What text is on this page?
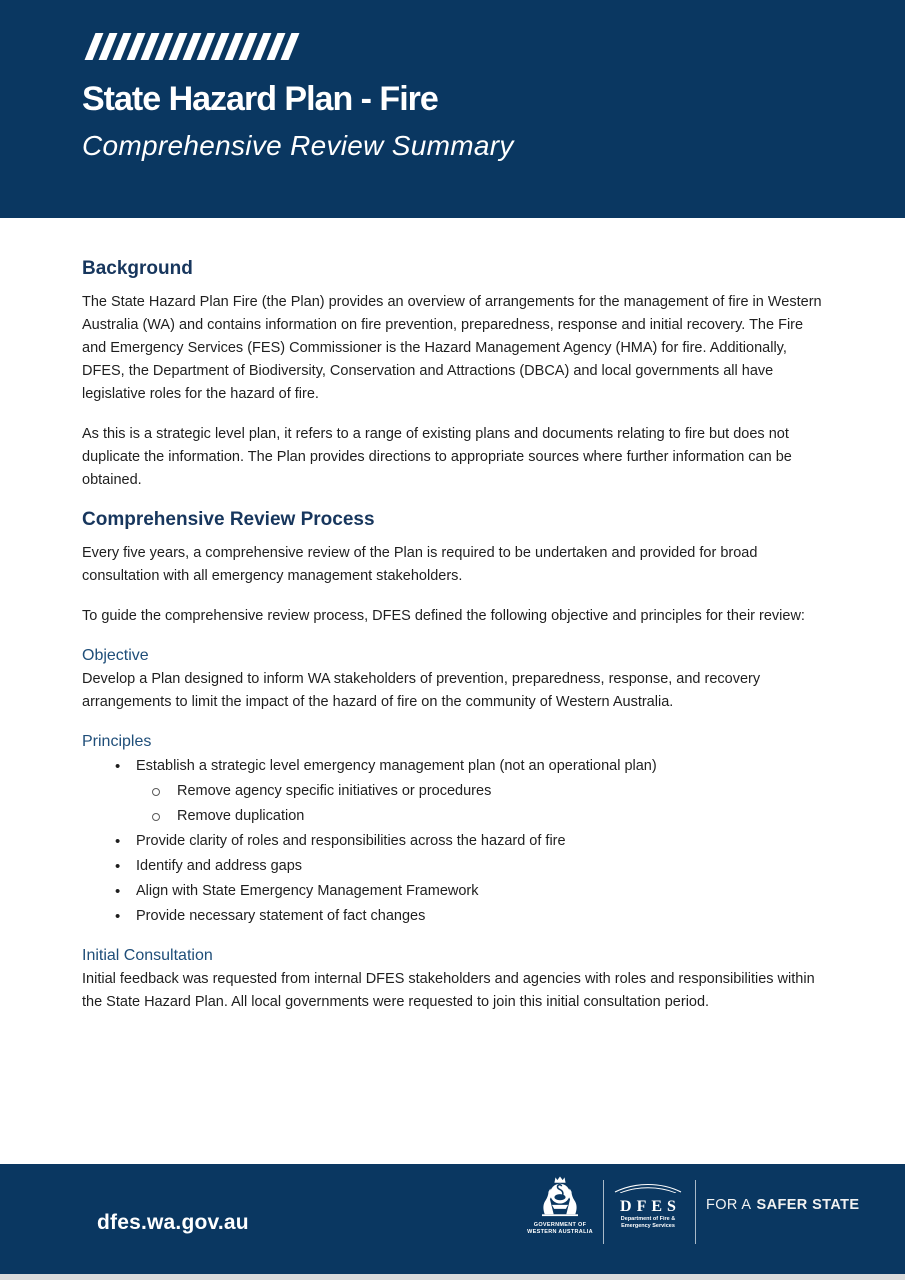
State Hazard Plan - Fire
Comprehensive Review Summary
Background

The State Hazard Plan Fire (the Plan) provides an overview of arrangements for the management of fire in Western Australia (WA) and contains information on fire prevention, preparedness, response and initial recovery. The Fire and Emergency Services (FES) Commissioner is the Hazard Management Agency (HMA) for fire. Additionally, DFES, the Department of Biodiversity, Conservation and Attractions (DBCA) and local governments all have legislative roles for the hazard of fire.

As this is a strategic level plan, it refers to a range of existing plans and documents relating to fire but does not duplicate the information. The Plan provides directions to appropriate sources where further information can be obtained.

Comprehensive Review Process

Every five years, a comprehensive review of the Plan is required to be undertaken and provided for broad consultation with all emergency management stakeholders.

To guide the comprehensive review process, DFES defined the following objective and principles for their review:

Objective

Develop a Plan designed to inform WA stakeholders of prevention, preparedness, response, and recovery arrangements to limit the impact of the hazard of fire on the community of Western Australia.

Principles
• Establish a strategic level emergency management plan (not an operational plan)
Remove agency specific initiatives or procedures
Remove duplication
• Provide clarity of roles and responsibilities across the hazard of fire
• Identify and address gaps
• Align with State Emergency Management Framework
• Provide necessary statement of fact changes
Initial Consultation

Initial feedback was requested from internal DFES stakeholders and agencies with roles and responsibilities within the State Hazard Plan. All local governments were requested to join this initial consultation period.

dfes.wa.gov.au	GOVERNMENT OF
WESTERN AUSTRALIA
DFES
Department of Fire &
Emergency Services
FOR A SAFER STATE
